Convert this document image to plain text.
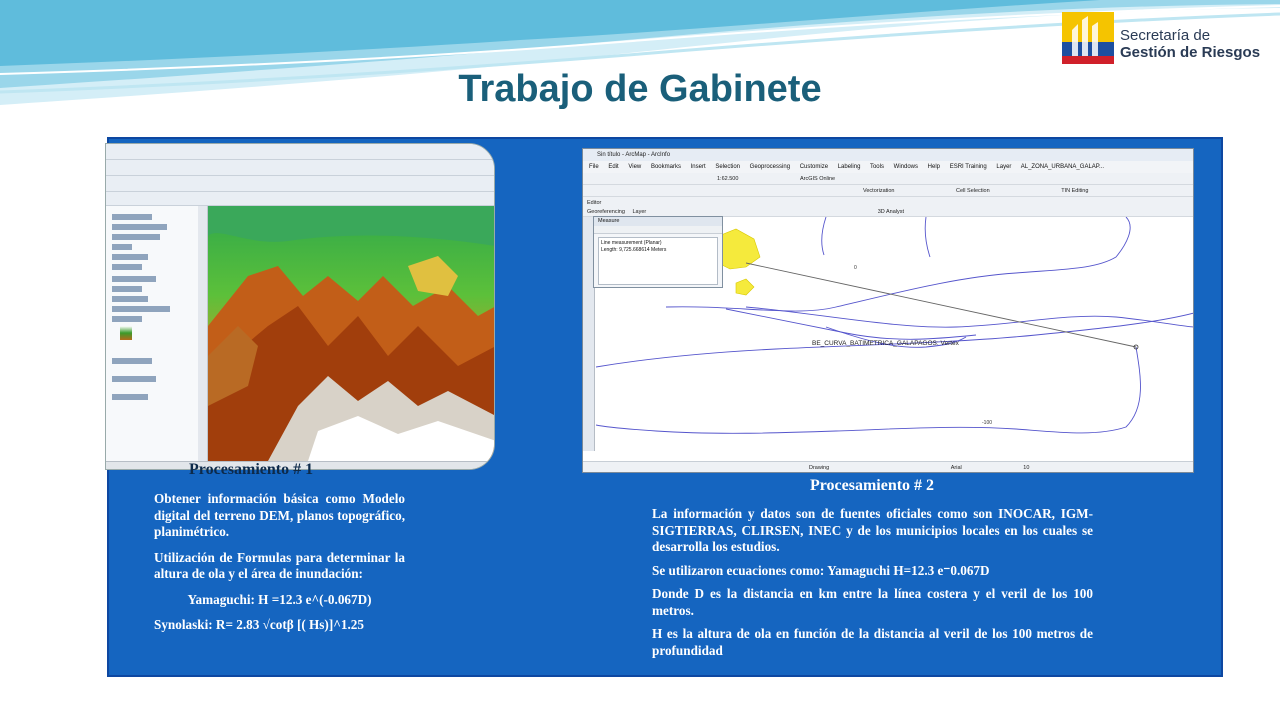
Secretaría de
Gestión de Riesgos
Trabajo de Gabinete
Procesamiento # 1

Obtener información básica como Modelo digital del terreno DEM, planos topográfico, planimétrico.

Utilización de Formulas para determinar la altura de ola y el área de inundación:

Yamaguchi: H =12.3 e^(-0.067D)

Synolaski: R= 2.83 √cotβ [( Hs)]^1.25

Sin título - ArcMap - ArcInfo
File Edit View Bookmarks Insert Selection Geoprocessing Customize Labeling Tools Windows Help ESRI Training Layer AL_ZONA_URBANA_GALAP...
1:62.500	ArcGIS Online
Vectorization	Cell Selection	TIN Editing
Editor
Georeferencing Layer	3D Analyst
0
-100
BE_CURVA_BATIMETRICA_GALAPAGOS: Vertex
Measure
Line measurement (Planar)
Length: 9,725.668614 Meters
Drawing	Arial	10
Procesamiento # 2

La información y datos son de fuentes oficiales como son INOCAR, IGM-SIGTIERRAS, CLIRSEN, INEC y de los municipios locales en los cuales se desarrolla los estudios.

Se utilizaron ecuaciones como: Yamaguchi H=12.3 e⁻0.067D

Donde D es la distancia en km entre la línea costera y el veril de los 100 metros.

H es la altura de ola en función de la distancia al veril de los 100 metros de profundidad
